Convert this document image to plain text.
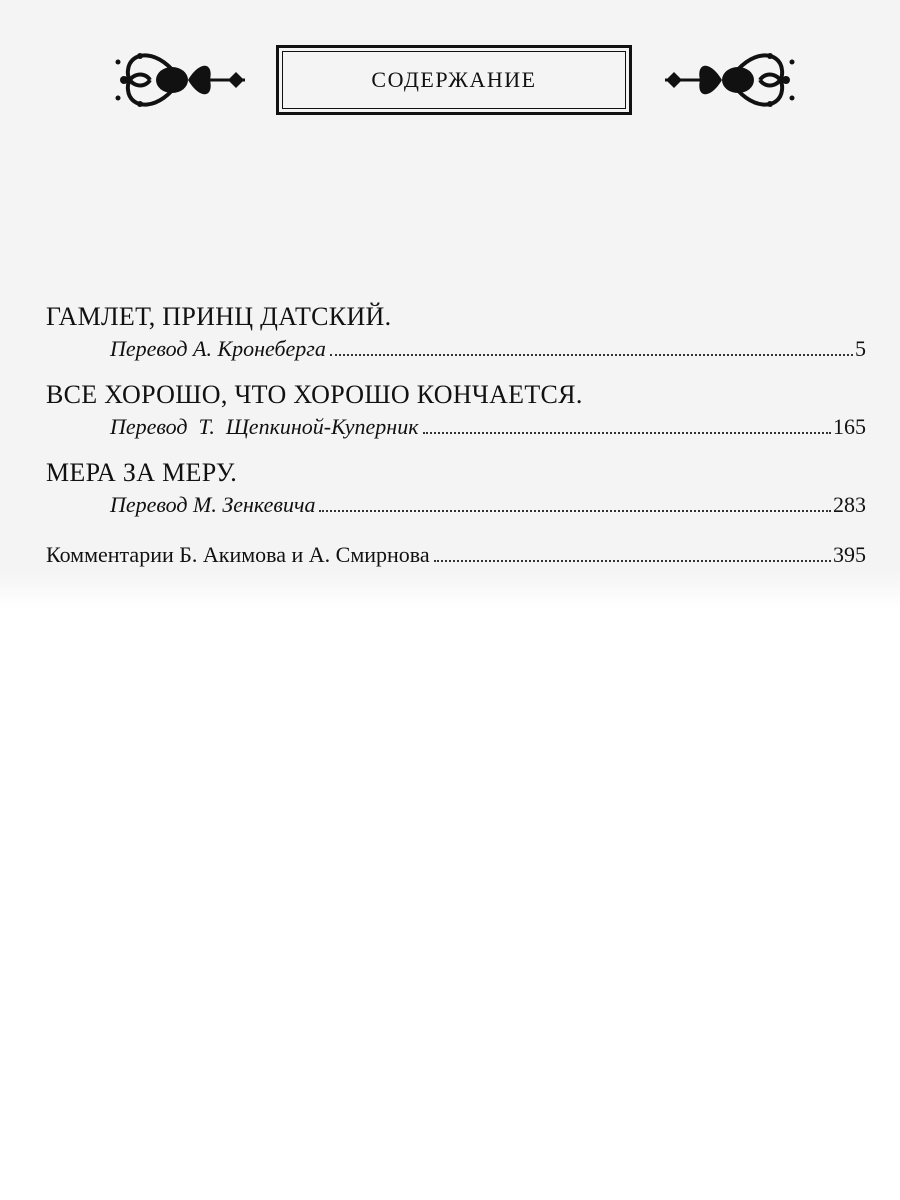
СОДЕРЖАНИЕ
ГАМЛЕТ, ПРИНЦ ДАТСКИЙ.
Перевод А. Кронеберга	5
ВСЕ ХОРОШО, ЧТО ХОРОШО КОНЧАЕТСЯ.
Перевод  Т.  Щепкиной-Куперник	165
МЕРА ЗА МЕРУ.
Перевод М. Зенкевича	283
Комментарии Б. Акимова и А. Смирнова	395
